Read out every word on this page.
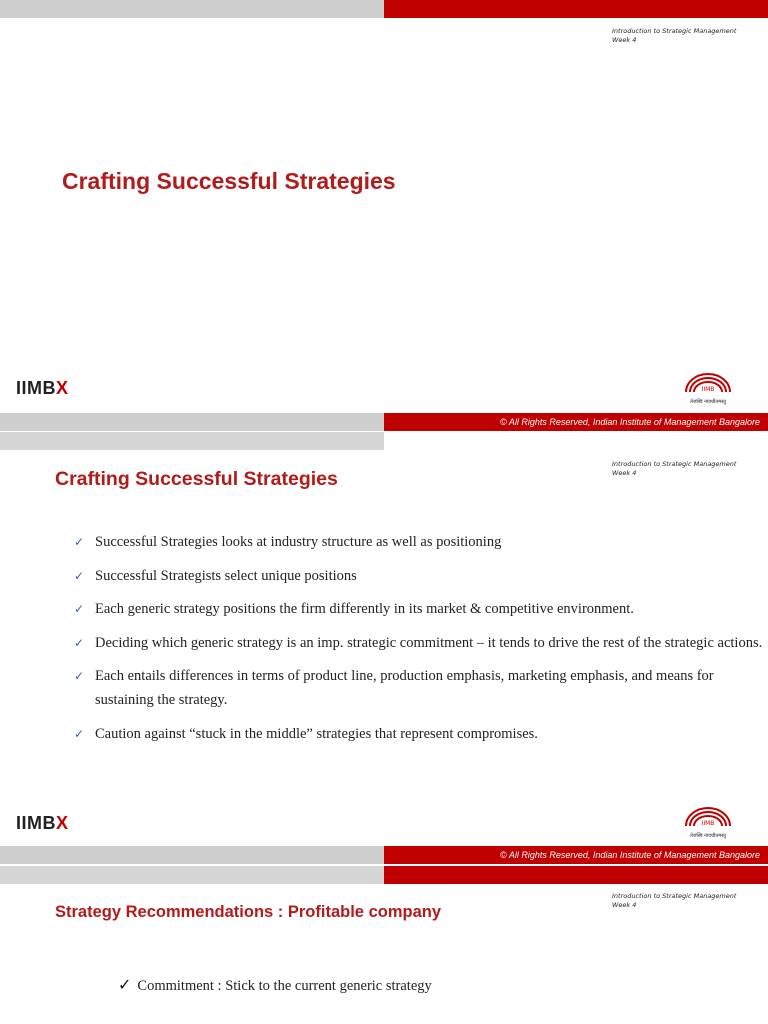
Introduction to Strategic Management
Week 4
Crafting Successful Strategies
IIMBX	IIMB
तेजस्वि नावधीतमस्तु
© All Rights Reserved, Indian Institute of Management Bangalore
Introduction to Strategic Management
Week 4
Crafting Successful Strategies
✓ Successful Strategies looks at industry structure as well as positioning
✓ Successful Strategists select unique positions
✓ Each generic strategy positions the firm differently in its market & competitive environment.
✓ Deciding which generic strategy is an imp. strategic commitment – it tends to drive the rest of the strategic actions.
✓ Each entails differences in terms of product line, production emphasis, marketing emphasis, and means for sustaining the strategy.
✓ Caution against “stuck in the middle” strategies that represent compromises.
IIMBX	IIMB
तेजस्वि नावधीतमस्तु
© All Rights Reserved, Indian Institute of Management Bangalore
Introduction to Strategic Management
Week 4
Strategy Recommendations : Profitable company
✓ Commitment : Stick to the current generic strategy
